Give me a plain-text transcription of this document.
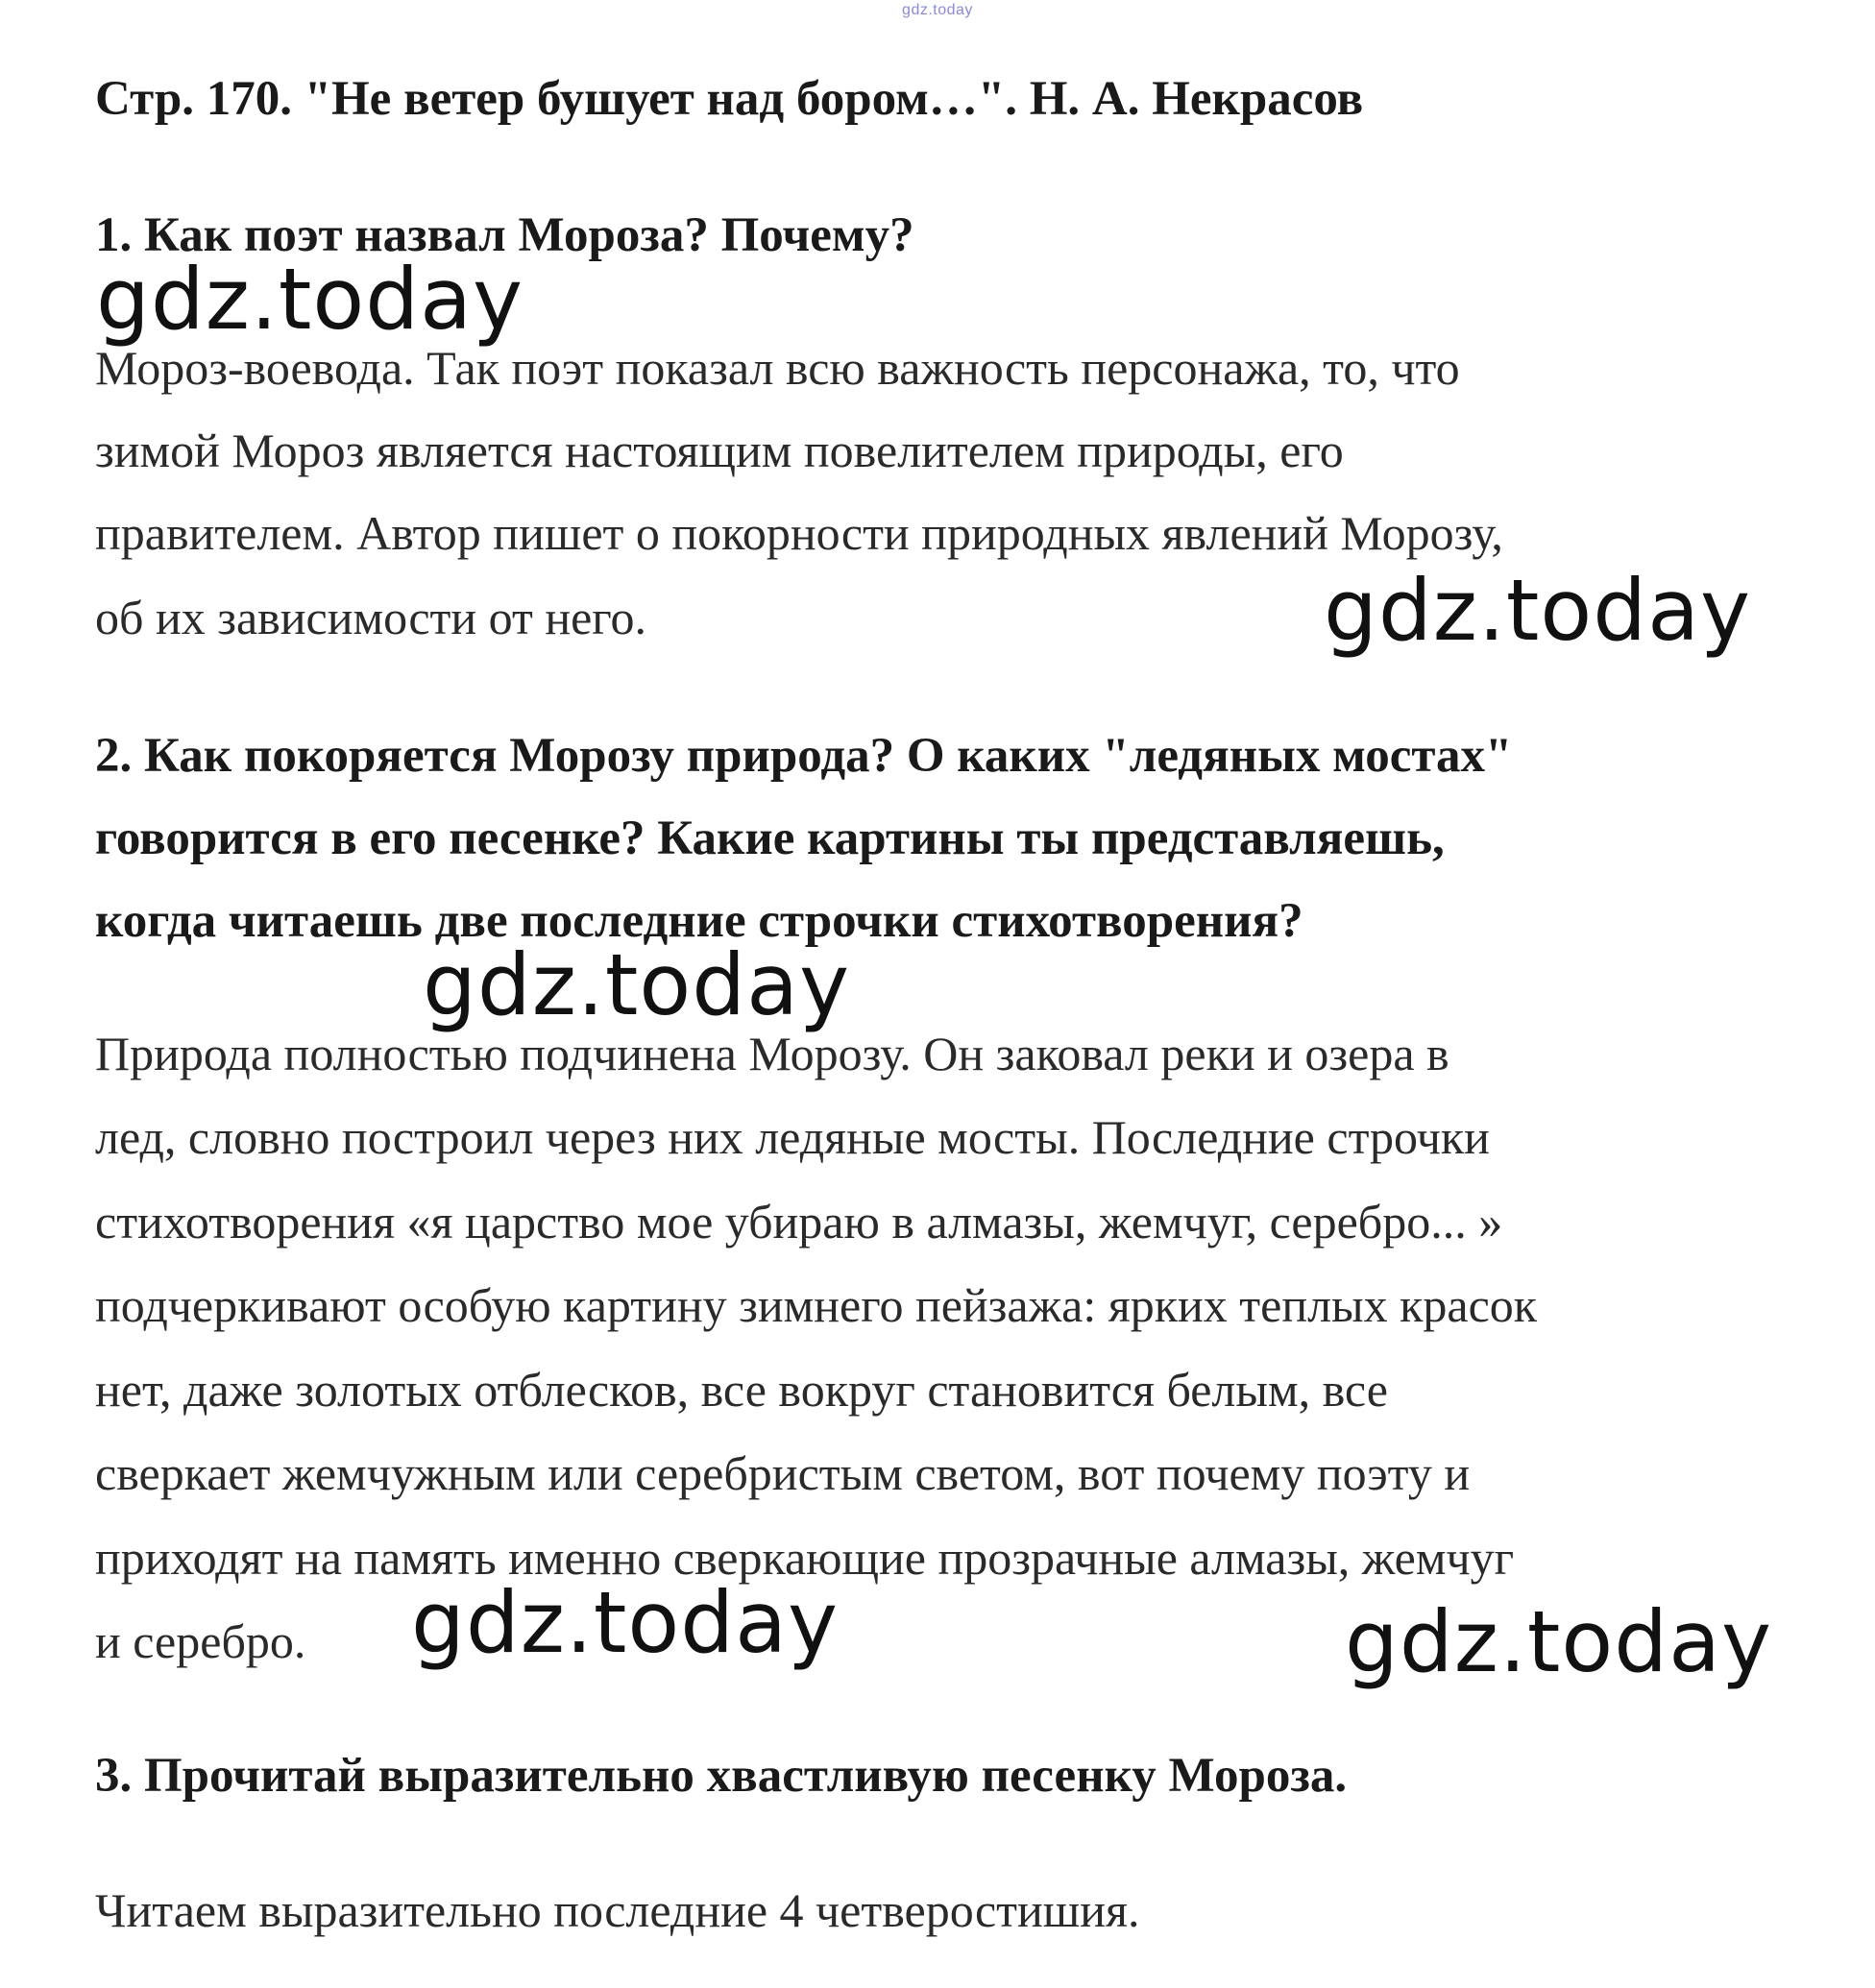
gdz.today
Стр. 170. "Не ветер бушует над бором…". Н. А. Некрасов
1. Как поэт назвал Мороза? Почему?
gdz.today
Мороз-воевода. Так поэт показал всю важность персонажа, то, что
зимой Мороз является настоящим повелителем природы, его
правителем. Автор пишет о покорности природных явлений Морозу,
об их зависимости от него.	gdz.today
2. Как покоряется Морозу природа? О каких "ледяных мостах"
говорится в его песенке? Какие картины ты представляешь,
когда читаешь две последние строчки стихотворения?
gdz.today
Природа полностью подчинена Морозу. Он заковал реки и озера в
лед, словно построил через них ледяные мосты. Последние строчки
стихотворения «я царство мое убираю в алмазы, жемчуг, серебро... »
подчеркивают особую картину зимнего пейзажа: ярких теплых красок
нет, даже золотых отблесков, все вокруг становится белым, все
сверкает жемчужным или серебристым светом, вот почему поэту и
приходят на память именно сверкающие прозрачные алмазы, жемчуг
и серебро. gdz.today	gdz.today
3. Прочитай выразительно хвастливую песенку Мороза.
Читаем выразительно последние 4 четверостишия.
